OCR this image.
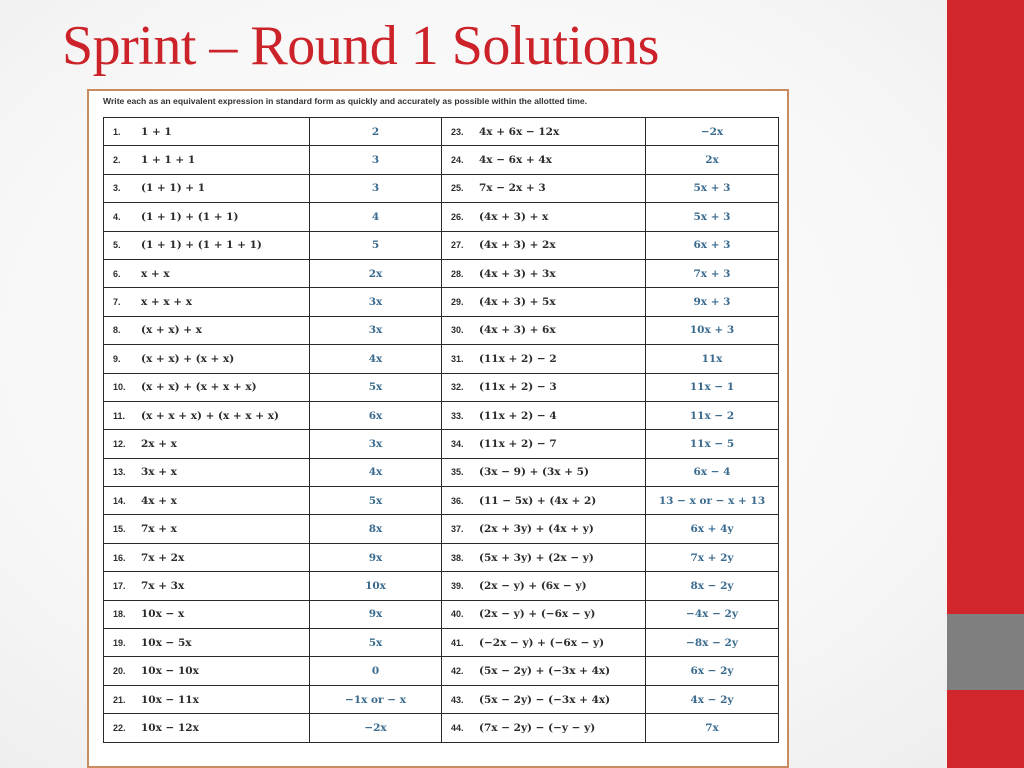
Sprint – Round 1 Solutions
Write each as an equivalent expression in standard form as quickly and accurately as possible within the allotted time.
1. 1 + 1	2	23. 4x + 6x − 12x	−2x
2. 1 + 1 + 1	3	24. 4x − 6x + 4x	2x
3. (1 + 1) + 1	3	25. 7x − 2x + 3	5x + 3
4. (1 + 1) + (1 + 1)	4	26. (4x + 3) + x	5x + 3
5. (1 + 1) + (1 + 1 + 1)	5	27. (4x + 3) + 2x	6x + 3
6. x + x	2x	28. (4x + 3) + 3x	7x + 3
7. x + x + x	3x	29. (4x + 3) + 5x	9x + 3
8. (x + x) + x	3x	30. (4x + 3) + 6x	10x + 3
9. (x + x) + (x + x)	4x	31. (11x + 2) − 2	11x
10. (x + x) + (x + x + x)	5x	32. (11x + 2) − 3	11x − 1
11. (x + x + x) + (x + x + x)	6x	33. (11x + 2) − 4	11x − 2
12. 2x + x	3x	34. (11x + 2) − 7	11x − 5
13. 3x + x	4x	35. (3x − 9) + (3x + 5)	6x − 4
14. 4x + x	5x	36. (11 − 5x) + (4x + 2)	13 − x or − x + 13
15. 7x + x	8x	37. (2x + 3y) + (4x + y)	6x + 4y
16. 7x + 2x	9x	38. (5x + 3y) + (2x − y)	7x + 2y
17. 7x + 3x	10x	39. (2x − y) + (6x − y)	8x − 2y
18. 10x − x	9x	40. (2x − y) + (−6x − y)	−4x − 2y
19. 10x − 5x	5x	41. (−2x − y) + (−6x − y)	−8x − 2y
20. 10x − 10x	0	42. (5x − 2y) + (−3x + 4x)	6x − 2y
21. 10x − 11x	−1x or − x	43. (5x − 2y) − (−3x + 4x)	4x − 2y
22. 10x − 12x	−2x	44. (7x − 2y) − (−y − y)	7x
